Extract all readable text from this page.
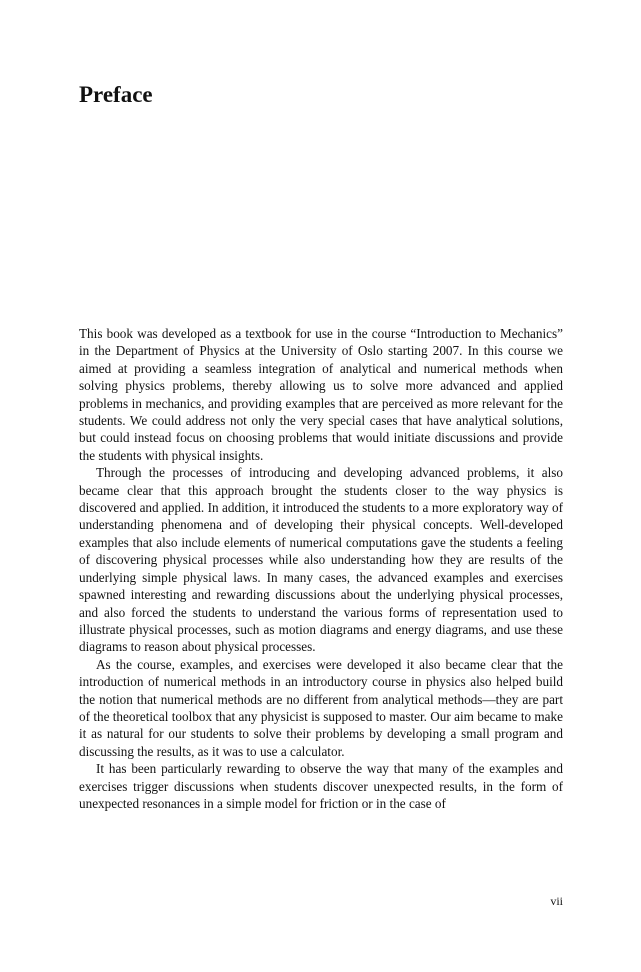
Preface

This book was developed as a textbook for use in the course “Introduction to Mechanics” in the Department of Physics at the University of Oslo starting 2007. In this course we aimed at providing a seamless integration of analytical and numerical methods when solving physics problems, thereby allowing us to solve more advanced and applied problems in mechanics, and providing examples that are perceived as more relevant for the students. We could address not only the very special cases that have analytical solutions, but could instead focus on choosing problems that would initiate discussions and provide the students with physical insights.

Through the processes of introducing and developing advanced problems, it also became clear that this approach brought the students closer to the way physics is discovered and applied. In addition, it introduced the students to a more exploratory way of understanding phenomena and of developing their physical concepts. Well-developed examples that also include elements of numerical computations gave the students a feeling of discovering physical processes while also understanding how they are results of the underlying simple physical laws. In many cases, the advanced examples and exercises spawned interesting and rewarding discussions about the underlying physical processes, and also forced the students to understand the various forms of representation used to illustrate physical processes, such as motion diagrams and energy diagrams, and use these diagrams to reason about physical processes.

As the course, examples, and exercises were developed it also became clear that the introduction of numerical methods in an introductory course in physics also helped build the notion that numerical methods are no different from analytical methods—they are part of the theoretical toolbox that any physicist is supposed to master. Our aim became to make it as natural for our students to solve their problems by developing a small program and discussing the results, as it was to use a calculator.

It has been particularly rewarding to observe the way that many of the examples and exercises trigger discussions when students discover unexpected results, in the form of unexpected resonances in a simple model for friction or in the case of

vii
